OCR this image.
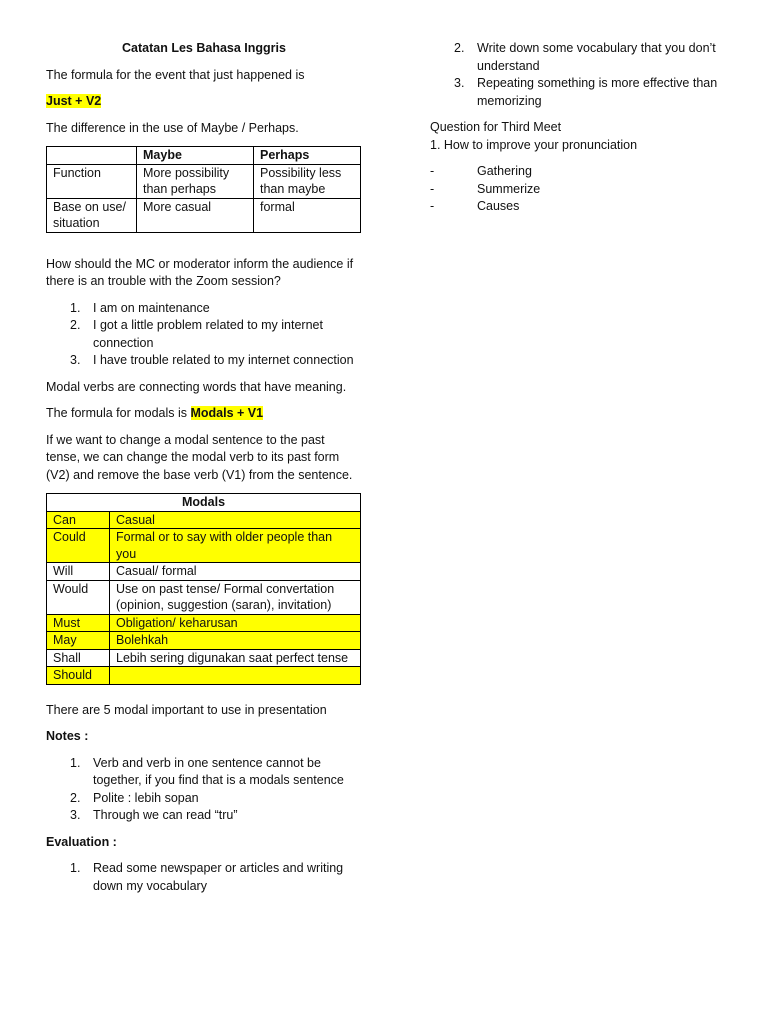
Catatan Les Bahasa Inggris

The formula for the event that just happened is

Just + V2

The difference in the use of Maybe / Perhaps.

	Maybe	Perhaps
Function	More possibility than perhaps	Possibility less than maybe
Base on use/ situation	More casual	formal

How should the MC or moderator inform the audience if there is an trouble with the Zoom session?

1. I am on maintenance
2. I got a little problem related to my internet connection
3. I have trouble related to my internet connection

Modal verbs are connecting words that have meaning.

The formula for modals is Modals + V1

If we want to change a modal sentence to the past tense, we can change the modal verb to its past form (V2) and remove the base verb (V1) from the sentence.

Modals	
Can	Casual
Could	Formal or to say with older people than you
Will	Casual/ formal
Would	Use on past tense/ Formal convertation (opinion, suggestion (saran), invitation)
Must	Obligation/ keharusan
May	Bolehkah
Shall	Lebih sering digunakan saat perfect tense
Should	

There are 5 modal important to use in presentation

Notes :

1. Verb and verb in one sentence cannot be together, if you find that is a modals sentence
2. Polite : lebih sopan
3. Through we can read “tru”

Evaluation :

1. Read some newspaper or articles and writing down my vocabulary
2. Write down some vocabulary that you don’t understand
3. Repeating something is more effective than memorizing

Question for Third Meet

1. How to improve your pronunciation

- Gathering
- Summerize
- Causes
